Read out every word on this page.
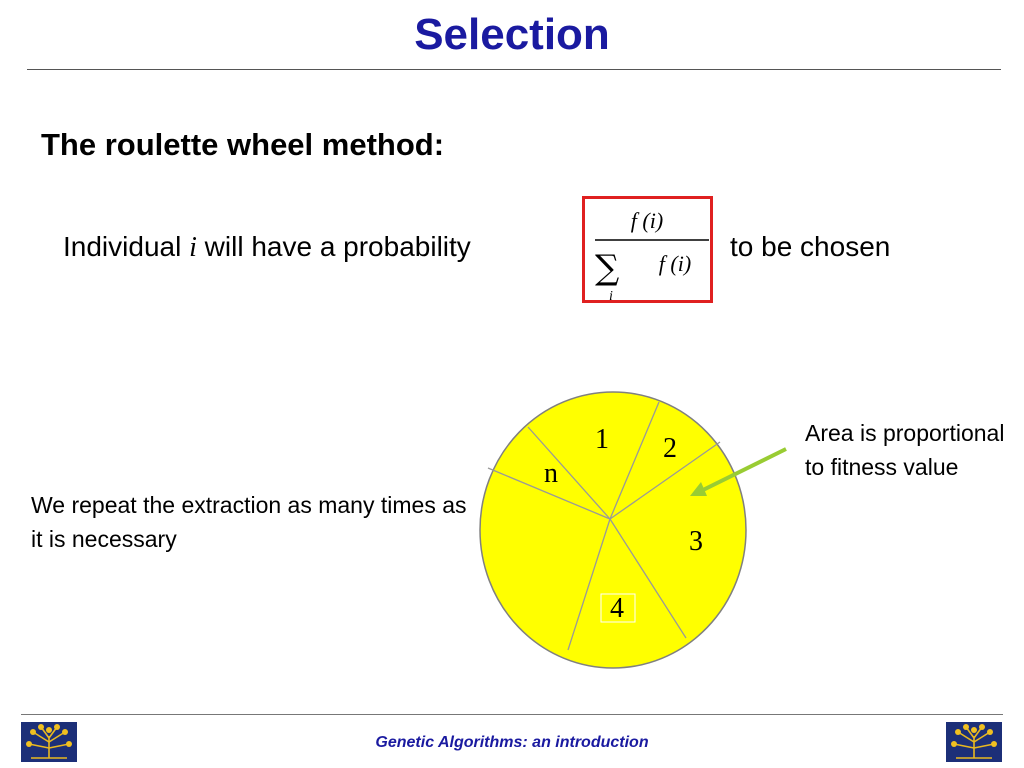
Selection
The roulette wheel method:
Individual i will have a probability
f (i)
∑
i
f (i)
to be chosen
We repeat the extraction as many times as it is necessary
Area is proportional to fitness value
1 2
3
4
n
Genetic Algorithms: an introduction
